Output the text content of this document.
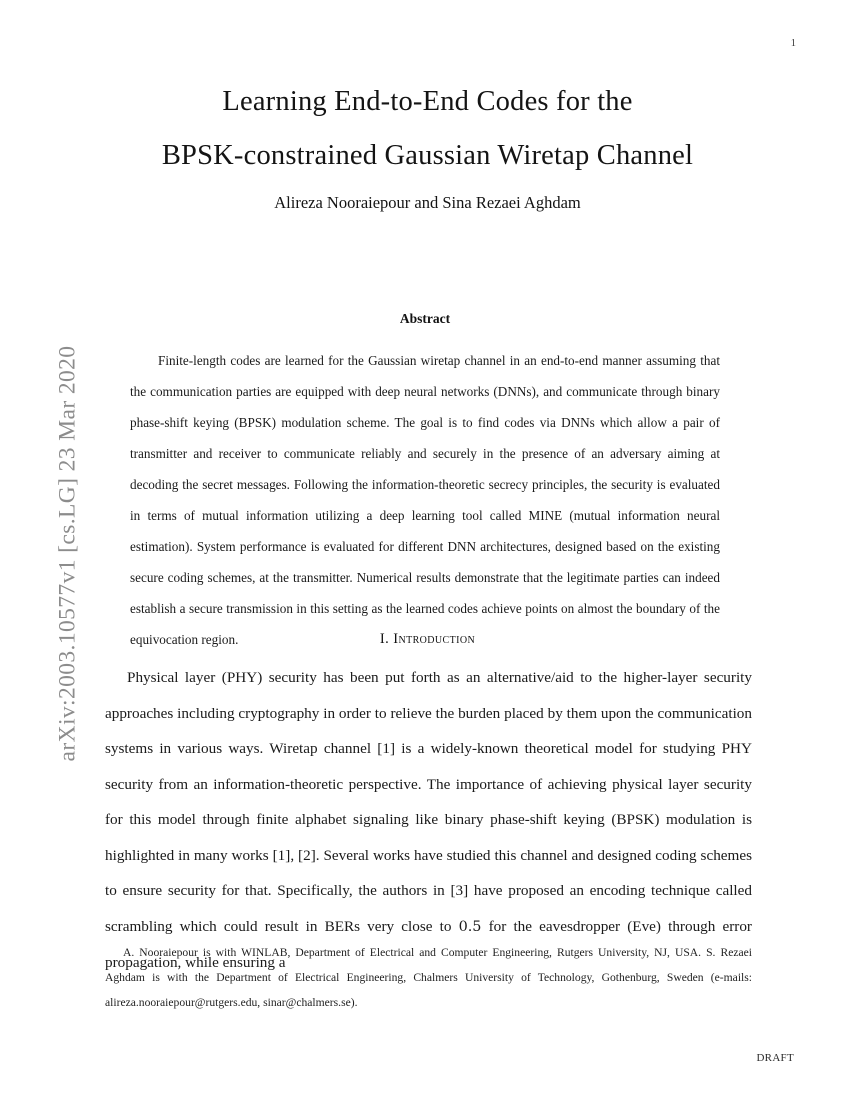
arXiv:2003.10577v1 [cs.LG] 23 Mar 2020
1
Learning End-to-End Codes for the
BPSK-constrained Gaussian Wiretap Channel
Alireza Nooraiepour and Sina Rezaei Aghdam
Abstract
Finite-length codes are learned for the Gaussian wiretap channel in an end-to-end manner assuming that the communication parties are equipped with deep neural networks (DNNs), and communicate through binary phase-shift keying (BPSK) modulation scheme. The goal is to find codes via DNNs which allow a pair of transmitter and receiver to communicate reliably and securely in the presence of an adversary aiming at decoding the secret messages. Following the information-theoretic secrecy principles, the security is evaluated in terms of mutual information utilizing a deep learning tool called MINE (mutual information neural estimation). System performance is evaluated for different DNN architectures, designed based on the existing secure coding schemes, at the transmitter. Numerical results demonstrate that the legitimate parties can indeed establish a secure transmission in this setting as the learned codes achieve points on almost the boundary of the equivocation region.	I. Introduction
Physical layer (PHY) security has been put forth as an alternative/aid to the higher-layer security approaches including cryptography in order to relieve the burden placed by them upon the communication systems in various ways. Wiretap channel [1] is a widely-known theoretical model for studying PHY security from an information-theoretic perspective. The importance of achieving physical layer security for this model through finite alphabet signaling like binary phase-shift keying (BPSK) modulation is highlighted in many works [1], [2]. Several works have studied this channel and designed coding schemes to ensure security for that. Specifically, the authors in [3] have proposed an encoding technique called scrambling which could result in BERs very close to 0.5 for the eavesdropper (Eve) through error propagation, while ensuring a
A. Nooraiepour is with WINLAB, Department of Electrical and Computer Engineering, Rutgers University, NJ, USA. S. Rezaei Aghdam is with the Department of Electrical Engineering, Chalmers University of Technology, Gothenburg, Sweden (e-mails: alireza.nooraiepour@rutgers.edu, sinar@chalmers.se).
DRAFT
